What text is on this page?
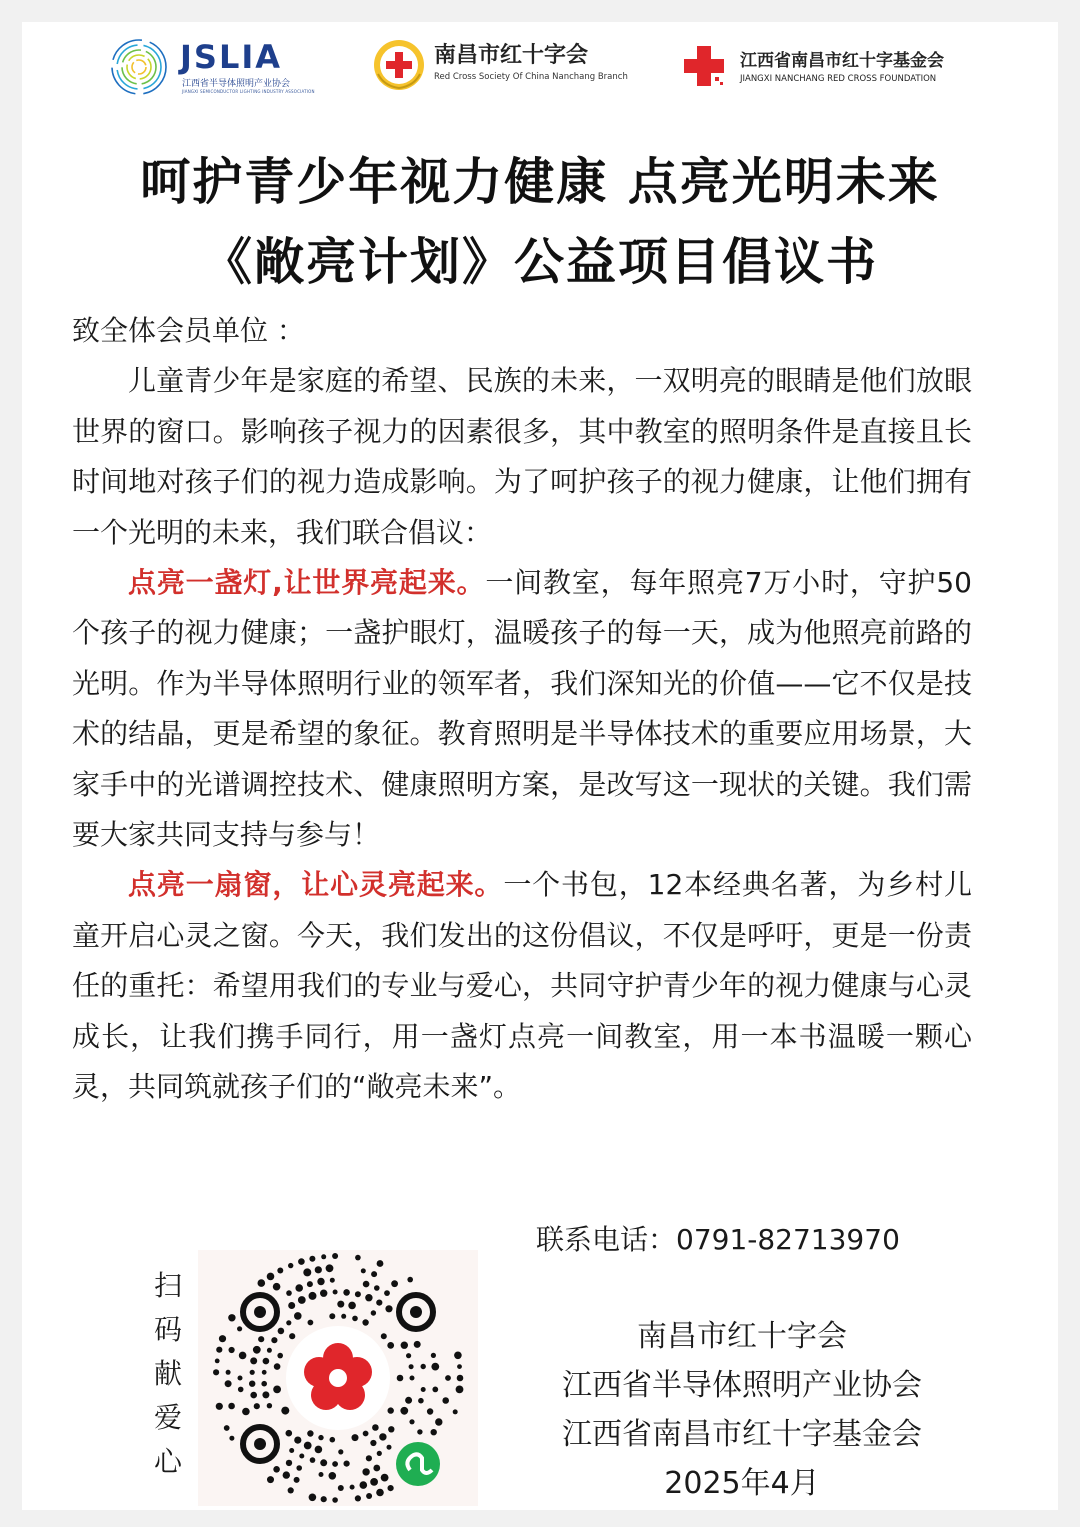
JSLIA
江西省半导体照明产业协会
JIANGXI SEMICONDUCTOR LIGHTING INDUSTRY ASSOCIATION
南昌市红十字会
Red Cross Society Of China Nanchang Branch
江西省南昌市红十字基金会
JIANGXI NANCHANG RED CROSS FOUNDATION
呵护青少年视力健康 点亮光明未来
《敞亮计划》公益项目倡议书

致全体会员单位 ：

儿童青少年是家庭的希望、民族的未来，一双明亮的眼睛是他们放眼世界的窗口。影响孩子视力的因素很多，其中教室的照明条件是直接且长时间地对孩子们的视力造成影响。为了呵护孩子的视力健康，让他们拥有一个光明的未来，我们联合倡议：

点亮一盏灯,让世界亮起来。一间教室，每年照亮7万小时，守护50个孩子的视力健康；一盏护眼灯，温暖孩子的每一天，成为他照亮前路的光明。作为半导体照明行业的领军者，我们深知光的价值——它不仅是技术的结晶，更是希望的象征。教育照明是半导体技术的重要应用场景，大家手中的光谱调控技术、健康照明方案，是改写这一现状的关键。我们需要大家共同支持与参与！

点亮一扇窗，让心灵亮起来。一个书包，12本经典名著，为乡村儿童开启心灵之窗。今天，我们发出的这份倡议，不仅是呼吁，更是一份责任的重托：希望用我们的专业与爱心，共同守护青少年的视力健康与心灵成长，让我们携手同行，用一盏灯点亮一间教室，用一本书温暖一颗心灵，共同筑就孩子们的“敞亮未来”。

联系电话：0791-82713970
扫
码
献
爱
心
南昌市红十字会
江西省半导体照明产业协会
江西省南昌市红十字基金会
2025年4月
